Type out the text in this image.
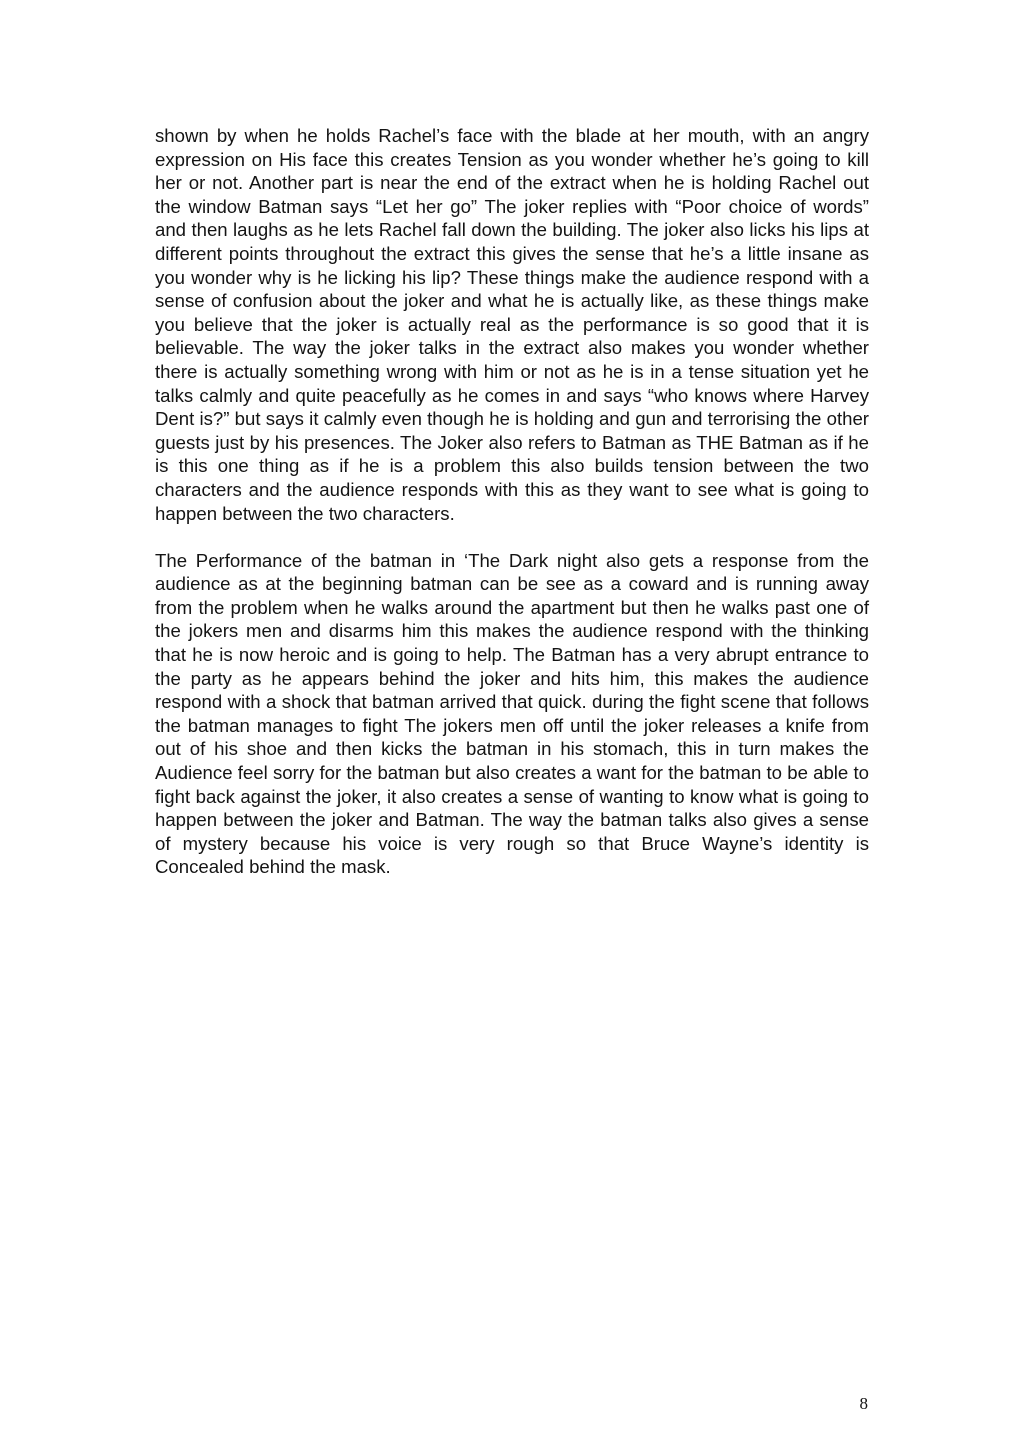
shown by when he holds Rachel’s face with the blade at her mouth, with an angry expression on His face this creates Tension as you wonder whether he’s going to kill her or not. Another part is near the end of the extract when he is holding Rachel out the window Batman says “Let her go” The joker replies with “Poor choice of words” and then laughs as he lets Rachel fall down the building. The joker also licks his lips at different points throughout the extract this gives the sense that he’s a little insane as you wonder why is he licking his lip? These things make the audience respond with a sense of confusion about the joker and what he is actually like, as these things make you believe that the joker is actually real as the performance is so good that it is believable. The way the joker talks in the extract also makes you wonder whether there is actually something wrong with him or not as he is in a tense situation yet he talks calmly and quite peacefully as he comes in and says “who knows where Harvey Dent is?” but says it calmly even though he is holding and gun and terrorising the other guests just by his presences. The Joker also refers to Batman as THE Batman as if he is this one thing as if he is a problem this also builds tension between the two characters and the audience responds with this as they want to see what is going to happen between the two characters.

The Performance of the batman in ‘The Dark night also gets a response from the audience as at the beginning batman can be see as a coward and is running away from the problem when he walks around the apartment but then he walks past one of the jokers men and disarms him this makes the audience respond with the thinking that he is now heroic and is going to help. The Batman has a very abrupt entrance to the party as he appears behind the joker and hits him, this makes the audience respond with a shock that batman arrived that quick. during the fight scene that follows the batman manages to fight The jokers men off until the joker releases a knife from out of his shoe and then kicks the batman in his stomach, this in turn makes the Audience feel sorry for the batman but also creates a want for the batman to be able to fight back against the joker, it also creates a sense of wanting to know what is going to happen between the joker and Batman. The way the batman talks also gives a sense of mystery because his voice is very rough so that Bruce Wayne’s identity is Concealed behind the mask.

8
